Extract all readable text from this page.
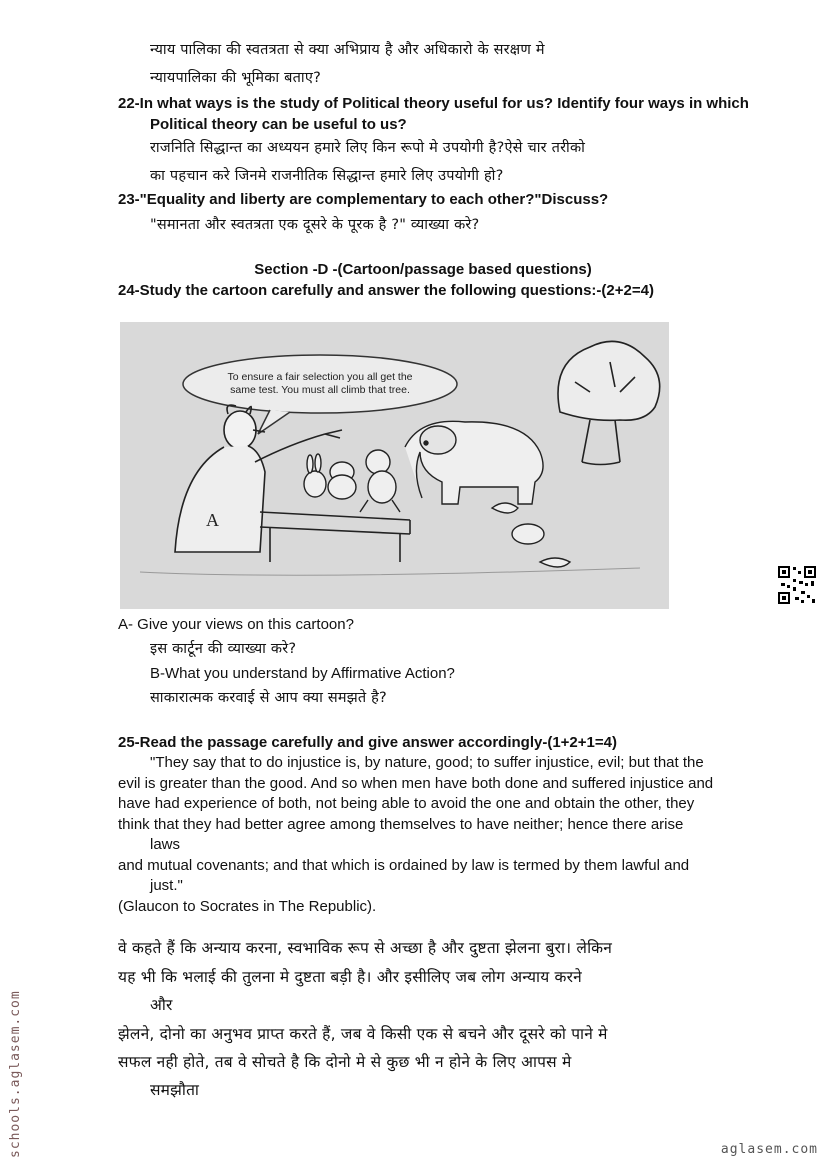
न्याय पालिका की स्वतत्रता से क्या अभिप्राय है और अधिकारो के सरक्षण मे
न्यायपालिका की भूमिका बताए?
22-In what ways is the study of Political theory useful for us? Identify four ways in which
Political theory can be useful to us?
राजनिति सिद्धान्त का अध्ययन हमारे लिए किन रूपो मे उपयोगी है?ऐसे चार तरीको
का पहचान करे जिनमे राजनीतिक सिद्धान्त हमारे लिए उपयोगी हो?
23-"Equality and liberty are complementary to each other?"Discuss?
"समानता और स्वतत्रता एक दूसरे के पूरक है ?" व्याख्या करे?
Section -D -(Cartoon/passage based questions)
24-Study the cartoon carefully and answer the following questions:-(2+2=4)
To ensure a fair selection you all get the
same test. You must all climb that tree.
A
A- Give your views on this cartoon?
इस कार्टून की व्याख्या करे?
B-What you understand by Affirmative Action?
साकारात्मक करवाई से आप क्या समझते है?
25-Read the passage carefully and give answer accordingly-(1+2+1=4)
"They say that to do injustice is, by nature, good; to suffer injustice, evil; but that the
evil is greater than the good. And so when men have both done and suffered injustice and
have had experience of both, not being able to avoid the one and obtain the other, they
think that they had better agree among themselves to have neither; hence there arise
laws
and mutual covenants; and that which is ordained by law is termed by them lawful and
just."
(Glaucon to Socrates in The Republic).
वे कहते हैं कि अन्याय करना, स्वभाविक रूप से अच्छा है और दुष्टता झेलना बुरा। लेकिन
यह भी कि भलाई की तुलना मे दुष्टता बड़ी है। और इसीलिए जब लोग अन्याय करने
और
झेलने, दोनो का अनुभव प्राप्त करते हैं, जब वे किसी एक से बचने और दूसरे को पाने मे
सफल नही होते, तब वे सोचते है कि दोनो मे से कुछ भी न होने के लिए आपस मे
समझौता
schools.aglasem.com	aglasem.com
